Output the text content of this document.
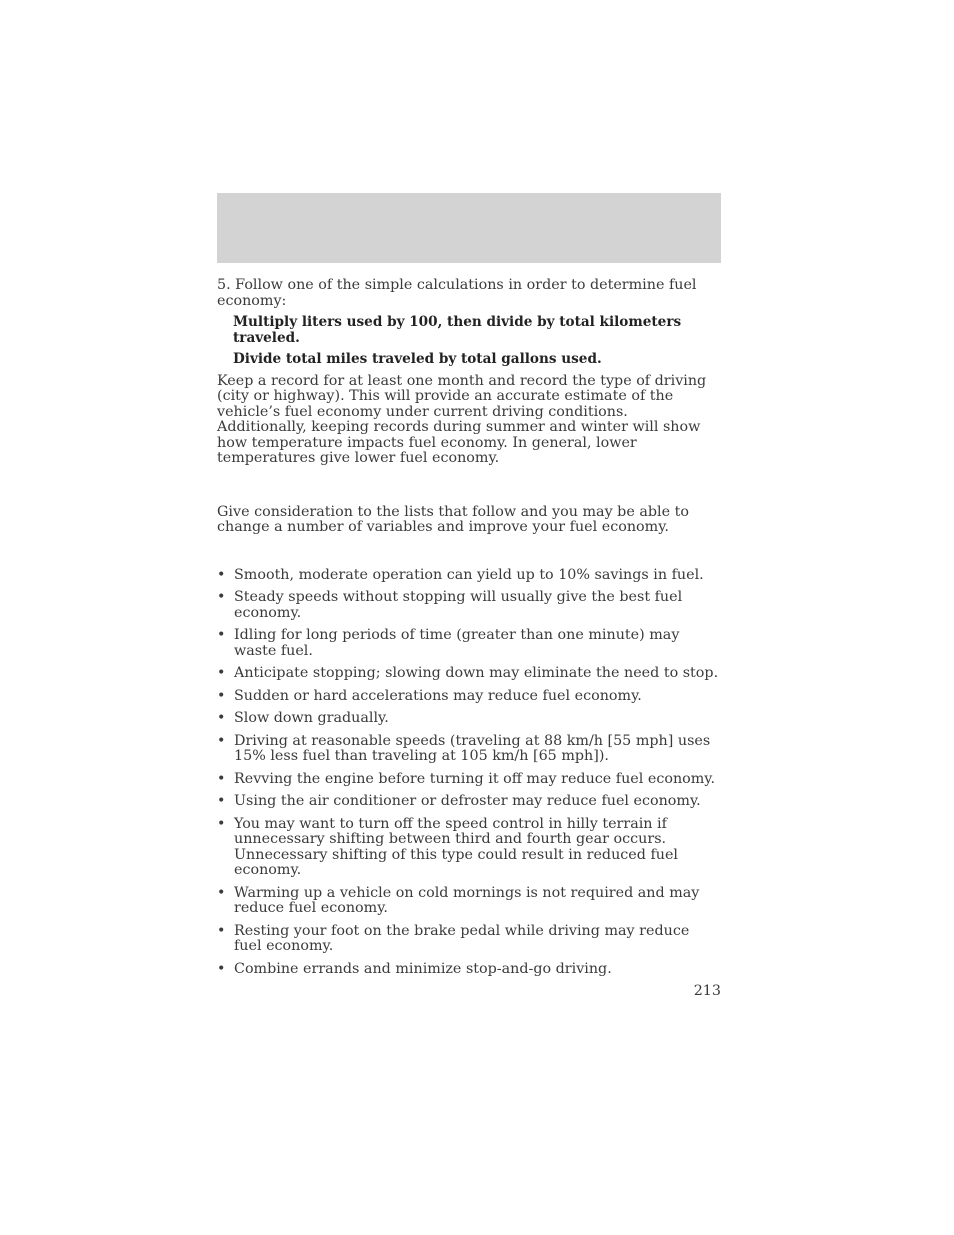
5. Follow one of the simple calculations in order to determine fuel economy:

Multiply liters used by 100, then divide by total kilometers traveled.

Divide total miles traveled by total gallons used.

Keep a record for at least one month and record the type of driving (city or highway). This will provide an accurate estimate of the vehicle’s fuel economy under current driving conditions. Additionally, keeping records during summer and winter will show how temperature impacts fuel economy. In general, lower temperatures give lower fuel economy.

Give consideration to the lists that follow and you may be able to change a number of variables and improve your fuel economy.

• Smooth, moderate operation can yield up to 10% savings in fuel.
• Steady speeds without stopping will usually give the best fuel economy.
• Idling for long periods of time (greater than one minute) may waste fuel.
• Anticipate stopping; slowing down may eliminate the need to stop.
• Sudden or hard accelerations may reduce fuel economy.
• Slow down gradually.
• Driving at reasonable speeds (traveling at 88 km/h [55 mph] uses 15% less fuel than traveling at 105 km/h [65 mph]).
• Revving the engine before turning it off may reduce fuel economy.
• Using the air conditioner or defroster may reduce fuel economy.
• You may want to turn off the speed control in hilly terrain if unnecessary shifting between third and fourth gear occurs. Unnecessary shifting of this type could result in reduced fuel economy.
• Warming up a vehicle on cold mornings is not required and may reduce fuel economy.
• Resting your foot on the brake pedal while driving may reduce fuel economy.
• Combine errands and minimize stop-and-go driving.
213
